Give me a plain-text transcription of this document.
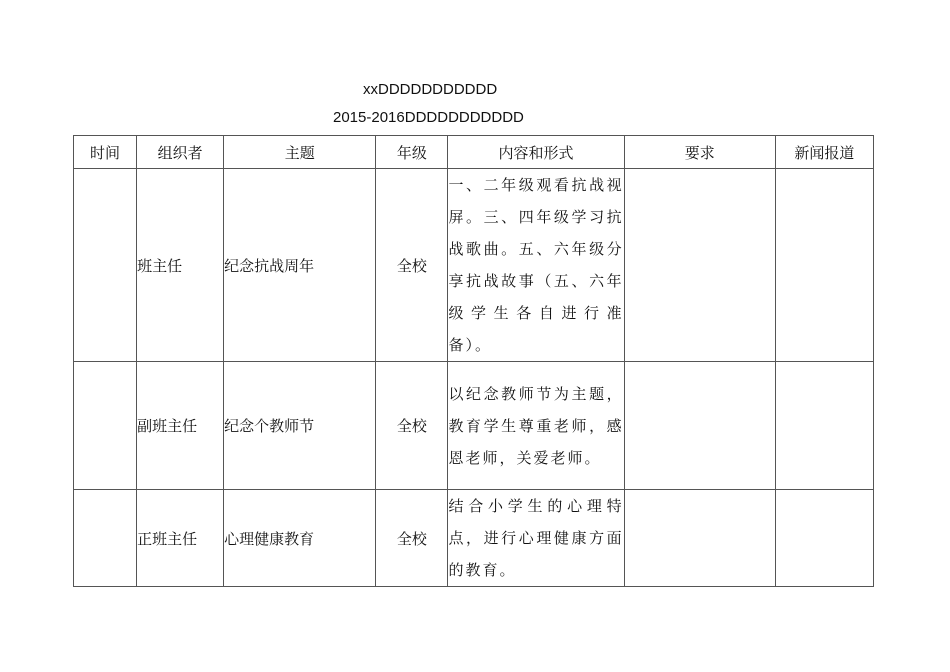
xxDDDDDDDDDDD
2015-2016DDDDDDDDDDD
时间	组织者	主题	年级	内容和形式	要求	新闻报道
	班主任	纪念抗战周年	全校	一、二年级观看抗战视屏。三、四年级学习抗战歌曲。五、六年级分享抗战故事（五、六年级学生各自进行准备）。		
	副班主任	纪念个教师节	全校	以纪念教师节为主题，教育学生尊重老师，感恩老师，关爱老师。		
	正班主任	心理健康教育	全校	结合小学生的心理特点，进行心理健康方面的教育。		
